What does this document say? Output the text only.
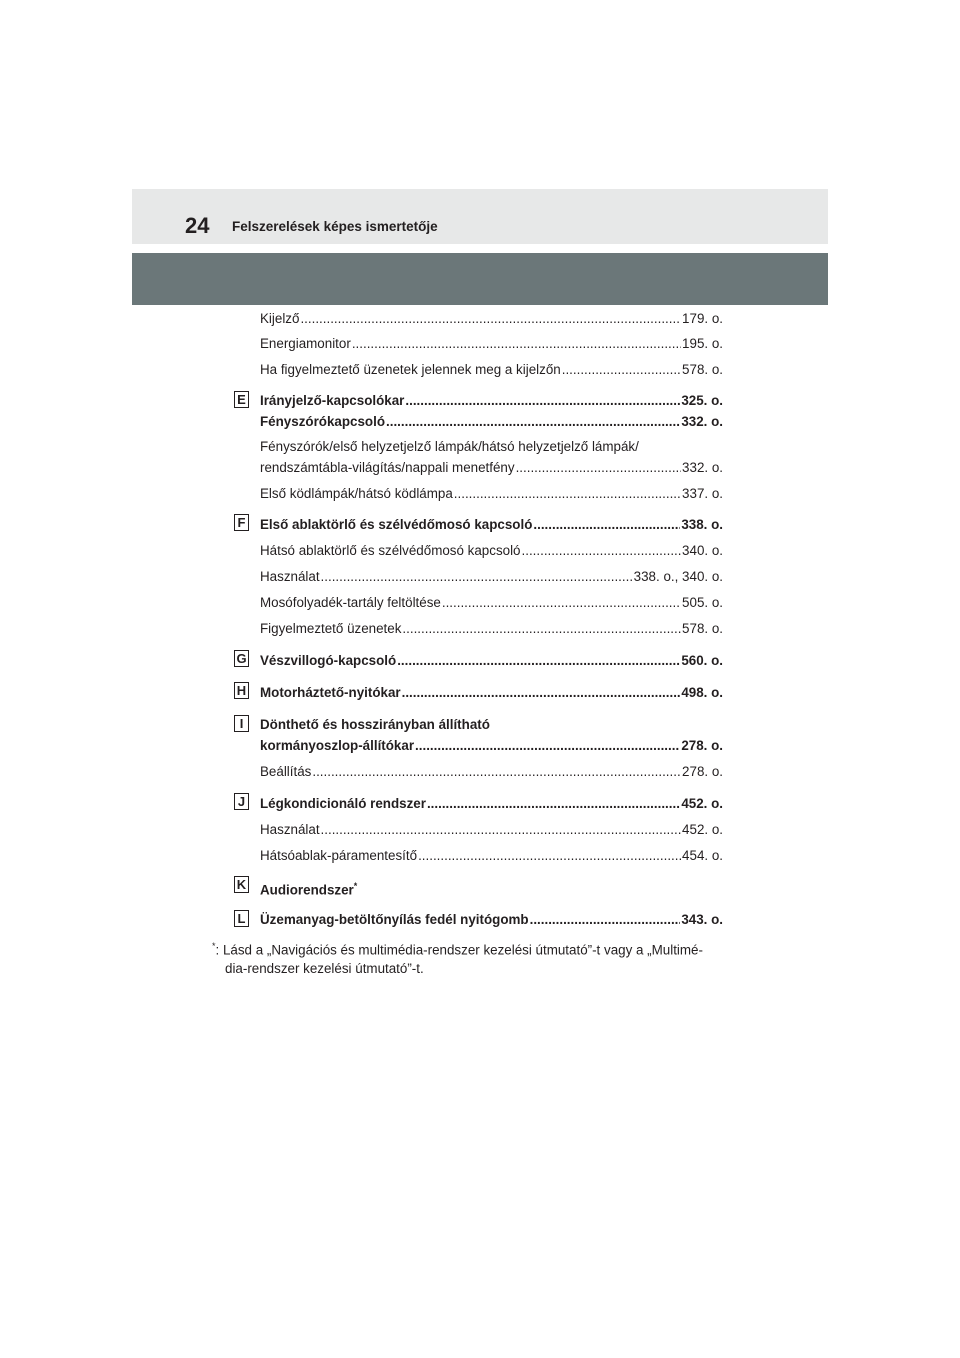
24 Felszerelések képes ismertetője
Kijelző .....	179. o.
Energiamonitor .....	195. o.
Ha figyelmeztető üzenetek jelennek meg a kijelzőn .....	578. o.
E Irányjelző-kapcsolókar .....	325. o.
Fényszórókapcsoló .....	332. o.
Fényszórók/első helyzetjelző lámpák/hátsó helyzetjelző lámpák/
rendszámtábla-világítás/nappali menetfény .....	332. o.
Első ködlámpák/hátsó ködlámpa .....	337. o.
F Első ablaktörlő és szélvédőmosó kapcsoló .....	338. o.
Hátsó ablaktörlő és szélvédőmosó kapcsoló .....	340. o.
Használat .....	338. o., 340. o.
Mosófolyadék-tartály feltöltése .....	505. o.
Figyelmeztető üzenetek .....	578. o.
G Vészvillogó-kapcsoló .....	560. o.
H Motorháztető-nyitókar .....	498. o.
I	Dönthető és hosszirányban állítható
kormányoszlop-állítókar .....	278. o.
Beállítás .....	278. o.
J Légkondicionáló rendszer .....	452. o.
Használat .....	452. o.
Hátsóablak-páramentesítő .....	454. o.
K Audiorendszer*
L Üzemanyag-betöltőnyílás fedél nyitógomb .....	343. o.
*: Lásd a „Navigációs és multimédia-rendszer kezelési útmutató”-t vagy a „Multimé-
dia-rendszer kezelési útmutató”-t.
